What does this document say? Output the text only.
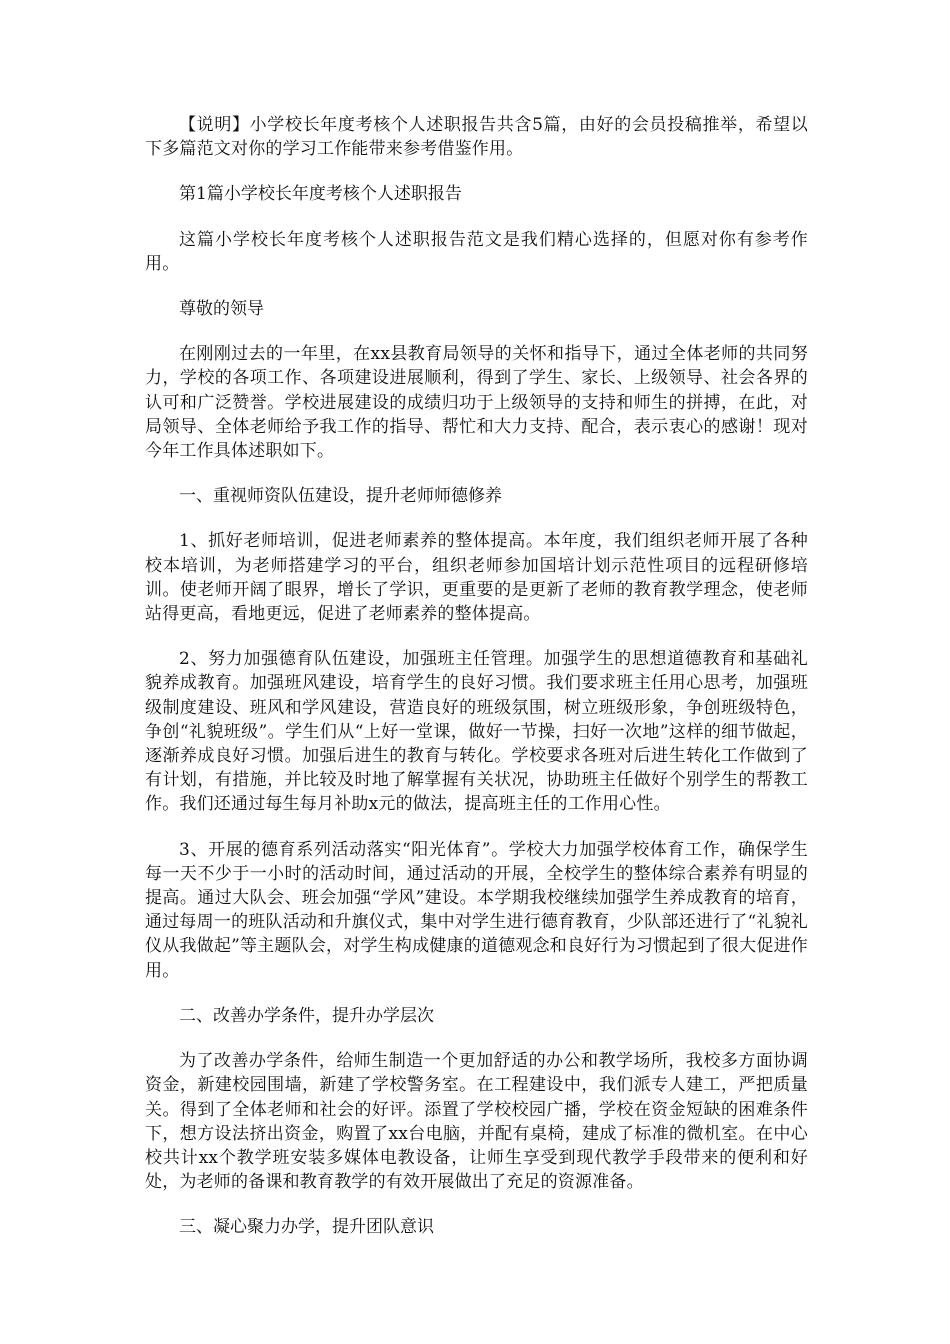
【说明】小学校长年度考核个人述职报告共含5篇，由好的会员投稿推举，希望以下多篇范文对你的学习工作能带来参考借鉴作用。

第1篇小学校长年度考核个人述职报告

这篇小学校长年度考核个人述职报告范文是我们精心选择的，但愿对你有参考作用。

尊敬的领导

在刚刚过去的一年里，在xx县教育局领导的关怀和指导下，通过全体老师的共同努力，学校的各项工作、各项建设进展顺利，得到了学生、家长、上级领导、社会各界的认可和广泛赞誉。学校进展建设的成绩归功于上级领导的支持和师生的拼搏，在此，对局领导、全体老师给予我工作的指导、帮忙和大力支持、配合，表示衷心的感谢！现对今年工作具体述职如下。

一、重视师资队伍建设，提升老师师德修养

1、抓好老师培训，促进老师素养的整体提高。本年度，我们组织老师开展了各种校本培训，为老师搭建学习的平台，组织老师参加国培计划示范性项目的远程研修培训。使老师开阔了眼界，增长了学识，更重要的是更新了老师的教育教学理念，使老师站得更高，看地更远，促进了老师素养的整体提高。

2、努力加强德育队伍建设，加强班主任管理。加强学生的思想道德教育和基础礼貌养成教育。加强班风建设，培育学生的良好习惯。我们要求班主任用心思考，加强班级制度建设、班风和学风建设，营造良好的班级氛围，树立班级形象，争创班级特色，争创“礼貌班级”。学生们从“上好一堂课，做好一节操，扫好一次地”这样的细节做起，逐渐养成良好习惯。加强后进生的教育与转化。学校要求各班对后进生转化工作做到了有计划，有措施，并比较及时地了解掌握有关状况，协助班主任做好个别学生的帮教工作。我们还通过每生每月补助x元的做法，提高班主任的工作用心性。

3、开展的德育系列活动落实“阳光体育”。学校大力加强学校体育工作，确保学生每一天不少于一小时的活动时间，通过活动的开展，全校学生的整体综合素养有明显的提高。通过大队会、班会加强“学风”建设。本学期我校继续加强学生养成教育的培育，通过每周一的班队活动和升旗仪式，集中对学生进行德育教育，少队部还进行了“礼貌礼仪从我做起”等主题队会，对学生构成健康的道德观念和良好行为习惯起到了很大促进作用。

二、改善办学条件，提升办学层次

为了改善办学条件，给师生制造一个更加舒适的办公和教学场所，我校多方面协调资金，新建校园围墙，新建了学校警务室。在工程建设中，我们派专人建工，严把质量关。得到了全体老师和社会的好评。添置了学校校园广播，学校在资金短缺的困难条件下，想方设法挤出资金，购置了xx台电脑，并配有桌椅，建成了标准的微机室。在中心校共计xx个教学班安装多媒体电教设备，让师生享受到现代教学手段带来的便利和好处，为老师的备课和教育教学的有效开展做出了充足的资源准备。

三、凝心聚力办学，提升团队意识
